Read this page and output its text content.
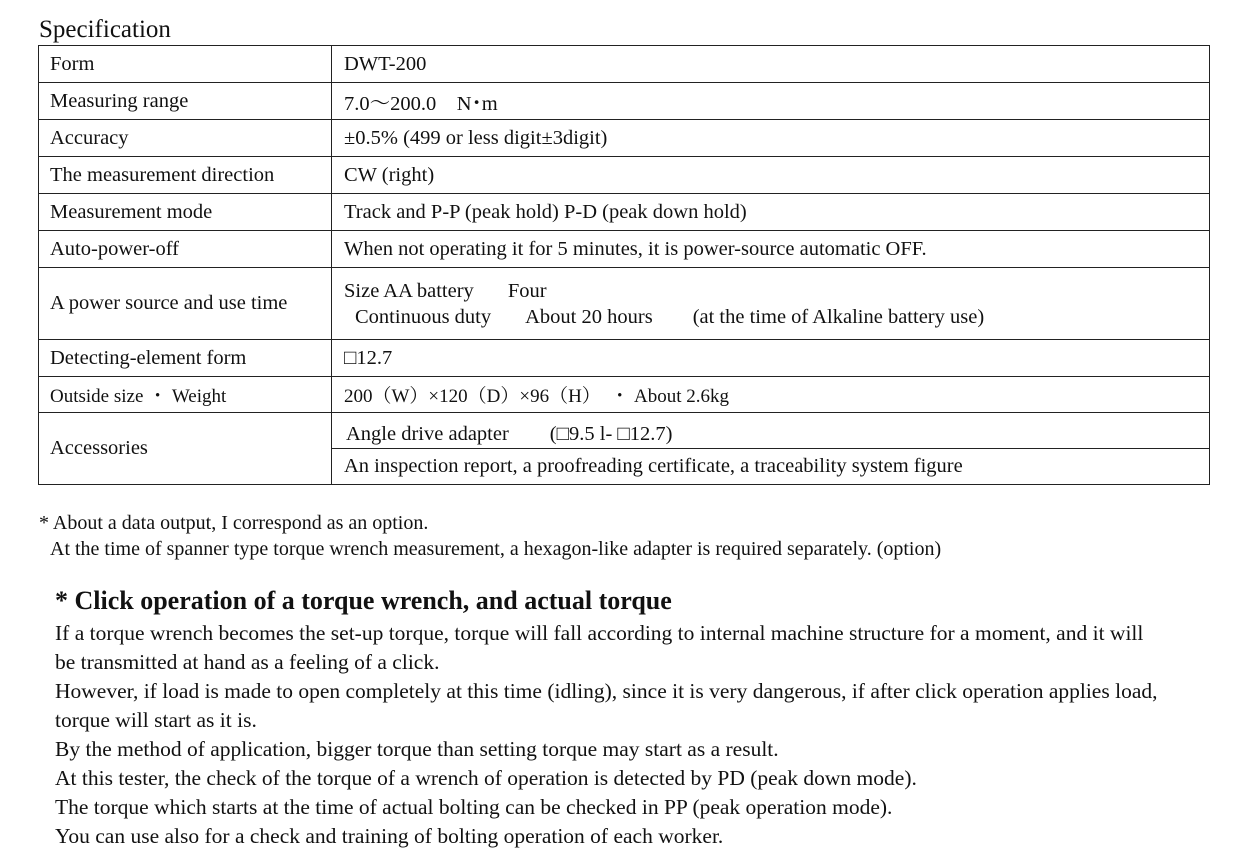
Specification
Form	DWT-200
Measuring range	7.0～200.0　N･m
Accuracy	±0.5% (499 or less digit±3digit)
The measurement direction	CW (right)
Measurement mode	Track and P-P (peak hold) P-D (peak down hold)
Auto-power-off	When not operating it for 5 minutes, it is power-source automatic OFF.
A power source and use time	Size AA battery Four
Continuous duty About 20 hours (at the time of Alkaline battery use)

Detecting-element form	□12.7
Outside size ・ Weight	200（W）×120（D）×96（H）　・ About 2.6kg
Accessories	Angle drive adapter　　(□9.5 l- □12.7)
	An inspection report, a proofreading certificate, a traceability system figure
* About a data output, I correspond as an option.
At the time of spanner type torque wrench measurement, a hexagon-like adapter is required separately. (option)
* Click operation of a torque wrench, and actual torque

If a torque wrench becomes the set-up torque, torque will fall according to internal machine structure for a moment, and it will be transmitted at hand as a feeling of a click.

However, if load is made to open completely at this time (idling), since it is very dangerous, if after click operation applies load, torque will start as it is.

By the method of application, bigger torque than setting torque may start as a result.

At this tester, the check of the torque of a wrench of operation is detected by PD (peak down mode).

The torque which starts at the time of actual bolting can be checked in PP (peak operation mode).

You can use also for a check and training of bolting operation of each worker.
